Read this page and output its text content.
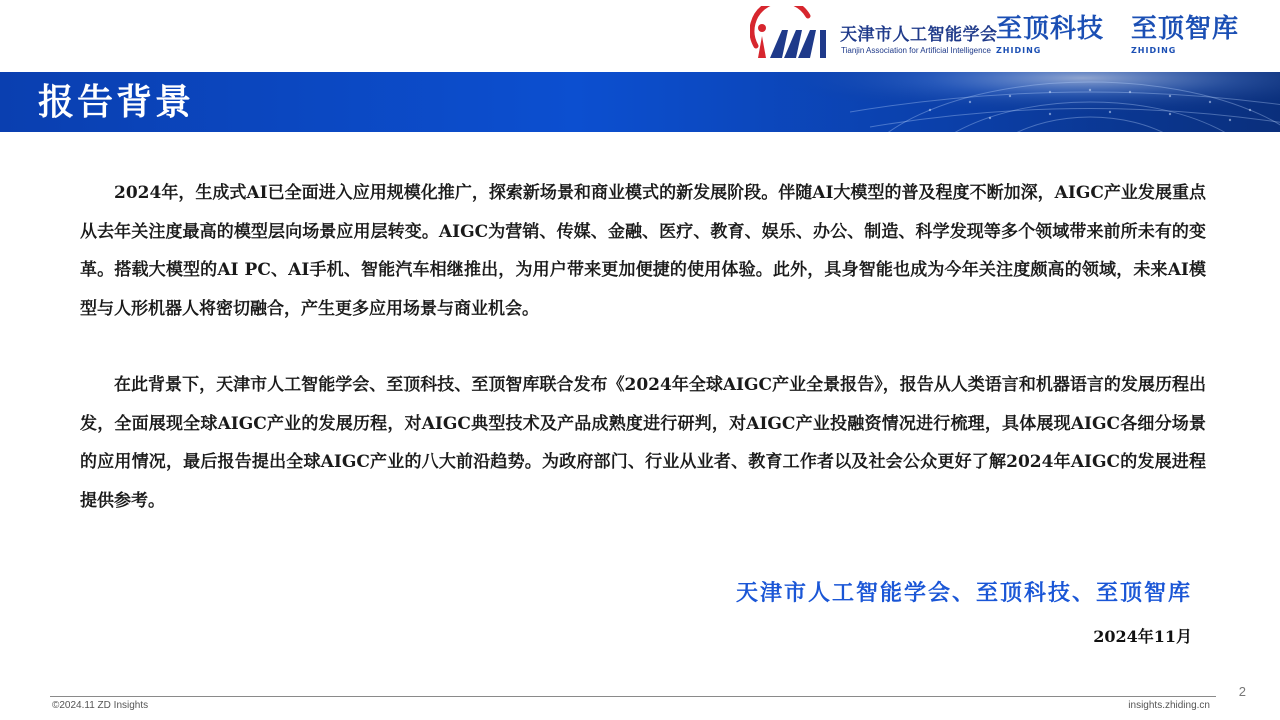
天津市人工智能学会
Tianjin Association for Artificial Intelligence
至顶科技
ZHIDING
至顶智库
ZHIDING
报告背景

2024年，生成式AI已全面进入应用规模化推广，探索新场景和商业模式的新发展阶段。伴随AI大模型的普及程度不断加深，AIGC产业发展重点从去年关注度最高的模型层向场景应用层转变。AIGC为营销、传媒、金融、医疗、教育、娱乐、办公、制造、科学发现等多个领域带来前所未有的变革。搭载大模型的AI PC、AI手机、智能汽车相继推出，为用户带来更加便捷的使用体验。此外，具身智能也成为今年关注度颇高的领域，未来AI模型与人形机器人将密切融合，产生更多应用场景与商业机会。

在此背景下，天津市人工智能学会、至顶科技、至顶智库联合发布《2024年全球AIGC产业全景报告》，报告从人类语言和机器语言的发展历程出发，全面展现全球AIGC产业的发展历程，对AIGC典型技术及产品成熟度进行研判，对AIGC产业投融资情况进行梳理，具体展现AIGC各细分场景的应用情况，最后报告提出全球AIGC产业的八大前沿趋势。为政府部门、行业从业者、教育工作者以及社会公众更好了解2024年AIGC的发展进程提供参考。

天津市人工智能学会、至顶科技、至顶智库
2024年11月
©2024.11 ZD Insights	insights.zhiding.cn
2
